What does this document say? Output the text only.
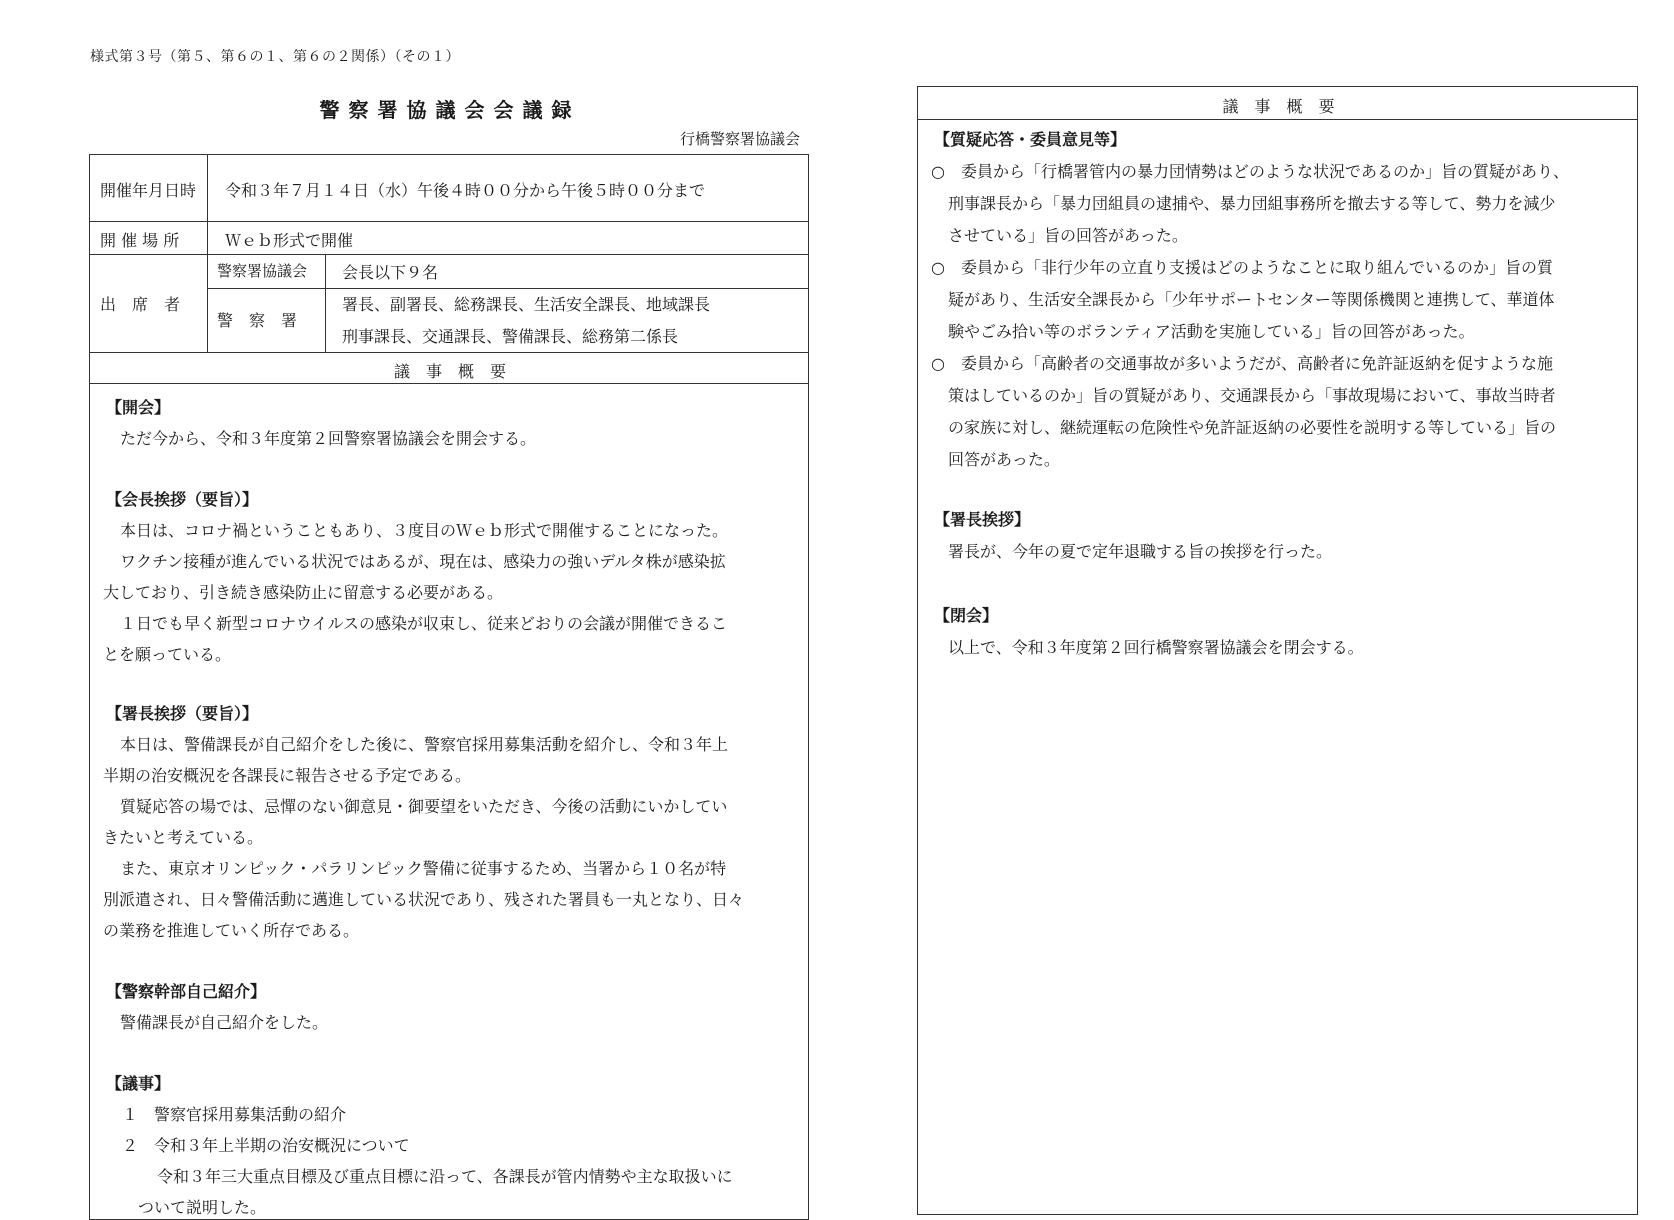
様式第３号（第５、第６の１、第６の２関係）（その１）
警察署協議会会議録
行橋警察署協議会
開催年月日時 令和３年７月１４日（水）午後４時００分から午後５時００分まで
開 催 場 所	Ｗｅｂ形式で開催
出　席　者
警察署協議会 会長以下９名
警　察　署
署長、副署長、総務課長、生活安全課長、地域課長
刑事課長、交通課長、警備課長、総務第二係長
議　事　概　要
【開会】
ただ今から、令和３年度第２回警察署協議会を開会する。
【会長挨拶（要旨）】
本日は、コロナ禍ということもあり、３度目のＷｅｂ形式で開催することになった。
ワクチン接種が進んでいる状況ではあるが、現在は、感染力の強いデルタ株が感染拡
大しており、引き続き感染防止に留意する必要がある。
１日でも早く新型コロナウイルスの感染が収束し、従来どおりの会議が開催できるこ
とを願っている。
【署長挨拶（要旨）】
本日は、警備課長が自己紹介をした後に、警察官採用募集活動を紹介し、令和３年上
半期の治安概況を各課長に報告させる予定である。
質疑応答の場では、忌憚のない御意見・御要望をいただき、今後の活動にいかしてい
きたいと考えている。
また、東京オリンピック・パラリンピック警備に従事するため、当署から１０名が特
別派遣され、日々警備活動に邁進している状況であり、残された署員も一丸となり、日々
の業務を推進していく所存である。
【警察幹部自己紹介】
警備課長が自己紹介をした。
【議事】
１　警察官採用募集活動の紹介
２　令和３年上半期の治安概況について
令和３年三大重点目標及び重点目標に沿って、各課長が管内情勢や主な取扱いに
ついて説明した。
議　事　概　要
【質疑応答・委員意見等】
○　委員から「行橋署管内の暴力団情勢はどのような状況であるのか」旨の質疑があり、
刑事課長から「暴力団組員の逮捕や、暴力団組事務所を撤去する等して、勢力を減少
させている」旨の回答があった。
○　委員から「非行少年の立直り支援はどのようなことに取り組んでいるのか」旨の質
疑があり、生活安全課長から「少年サポートセンター等関係機関と連携して、華道体
験やごみ拾い等のボランティア活動を実施している」旨の回答があった。
○　委員から「高齢者の交通事故が多いようだが、高齢者に免許証返納を促すような施
策はしているのか」旨の質疑があり、交通課長から「事故現場において、事故当時者
の家族に対し、継続運転の危険性や免許証返納の必要性を説明する等している」旨の
回答があった。
【署長挨拶】
署長が、今年の夏で定年退職する旨の挨拶を行った。
【閉会】
以上で、令和３年度第２回行橋警察署協議会を閉会する。
